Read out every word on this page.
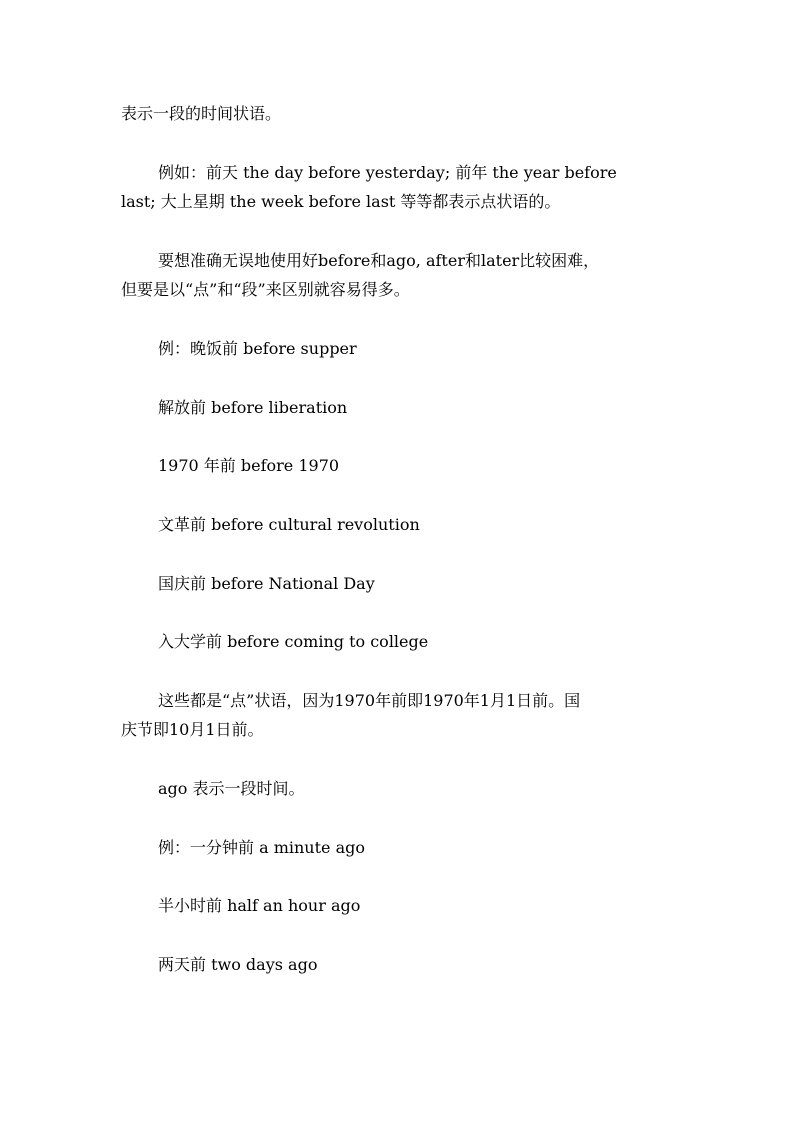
表示一段的时间状语。

例如：前天 the day before yesterday; 前年 the year before

last; 大上星期 the week before last 等等都表示点状语的。

要想准确无误地使用好before和ago, after和later比较困难，

但要是以“点”和“段”来区别就容易得多。

例：晚饭前 before supper

解放前 before liberation

1970 年前 before 1970

文革前 before cultural revolution

国庆前 before National Day

入大学前 before coming to college

这些都是“点”状语，因为1970年前即1970年1月1日前。国

庆节即10月1日前。

ago 表示一段时间。

例：一分钟前 a minute ago

半小时前 half an hour ago

两天前 two days ago
